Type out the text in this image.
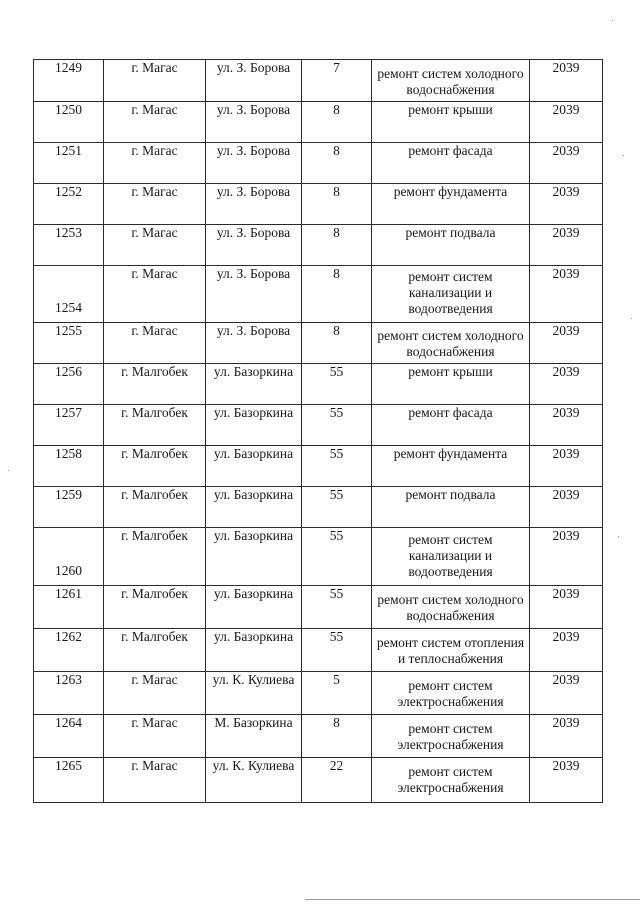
1249	г. Магас	ул. З. Борова	7	ремонт систем холодного водоснабжения	2039
1250	г. Магас	ул. З. Борова	8	ремонт крыши	2039
1251	г. Магас	ул. З. Борова	8	ремонт фасада	2039
1252	г. Магас	ул. З. Борова	8	ремонт фундамента	2039
1253	г. Магас	ул. З. Борова	8	ремонт подвала	2039
1254	г. Магас	ул. З. Борова	8	ремонт систем канализации и водоотведения	2039
1255	г. Магас	ул. З. Борова	8	ремонт систем холодного водоснабжения	2039
1256	г. Малгобек	ул. Базоркина	55	ремонт крыши	2039
1257	г. Малгобек	ул. Базоркина	55	ремонт фасада	2039
1258	г. Малгобек	ул. Базоркина	55	ремонт фундамента	2039
1259	г. Малгобек	ул. Базоркина	55	ремонт подвала	2039
1260	г. Малгобек	ул. Базоркина	55	ремонт систем канализации и водоотведения	2039
1261	г. Малгобек	ул. Базоркина	55	ремонт систем холодного водоснабжения	2039
1262	г. Малгобек	ул. Базоркина	55	ремонт систем отопления и теплоснабжения	2039
1263	г. Магас	ул. К. Кулиева	5	ремонт систем электроснабжения	2039
1264	г. Магас	М. Базоркина	8	ремонт систем электроснабжения	2039
1265	г. Магас	ул. К. Кулиева	22	ремонт систем электроснабжения	2039
